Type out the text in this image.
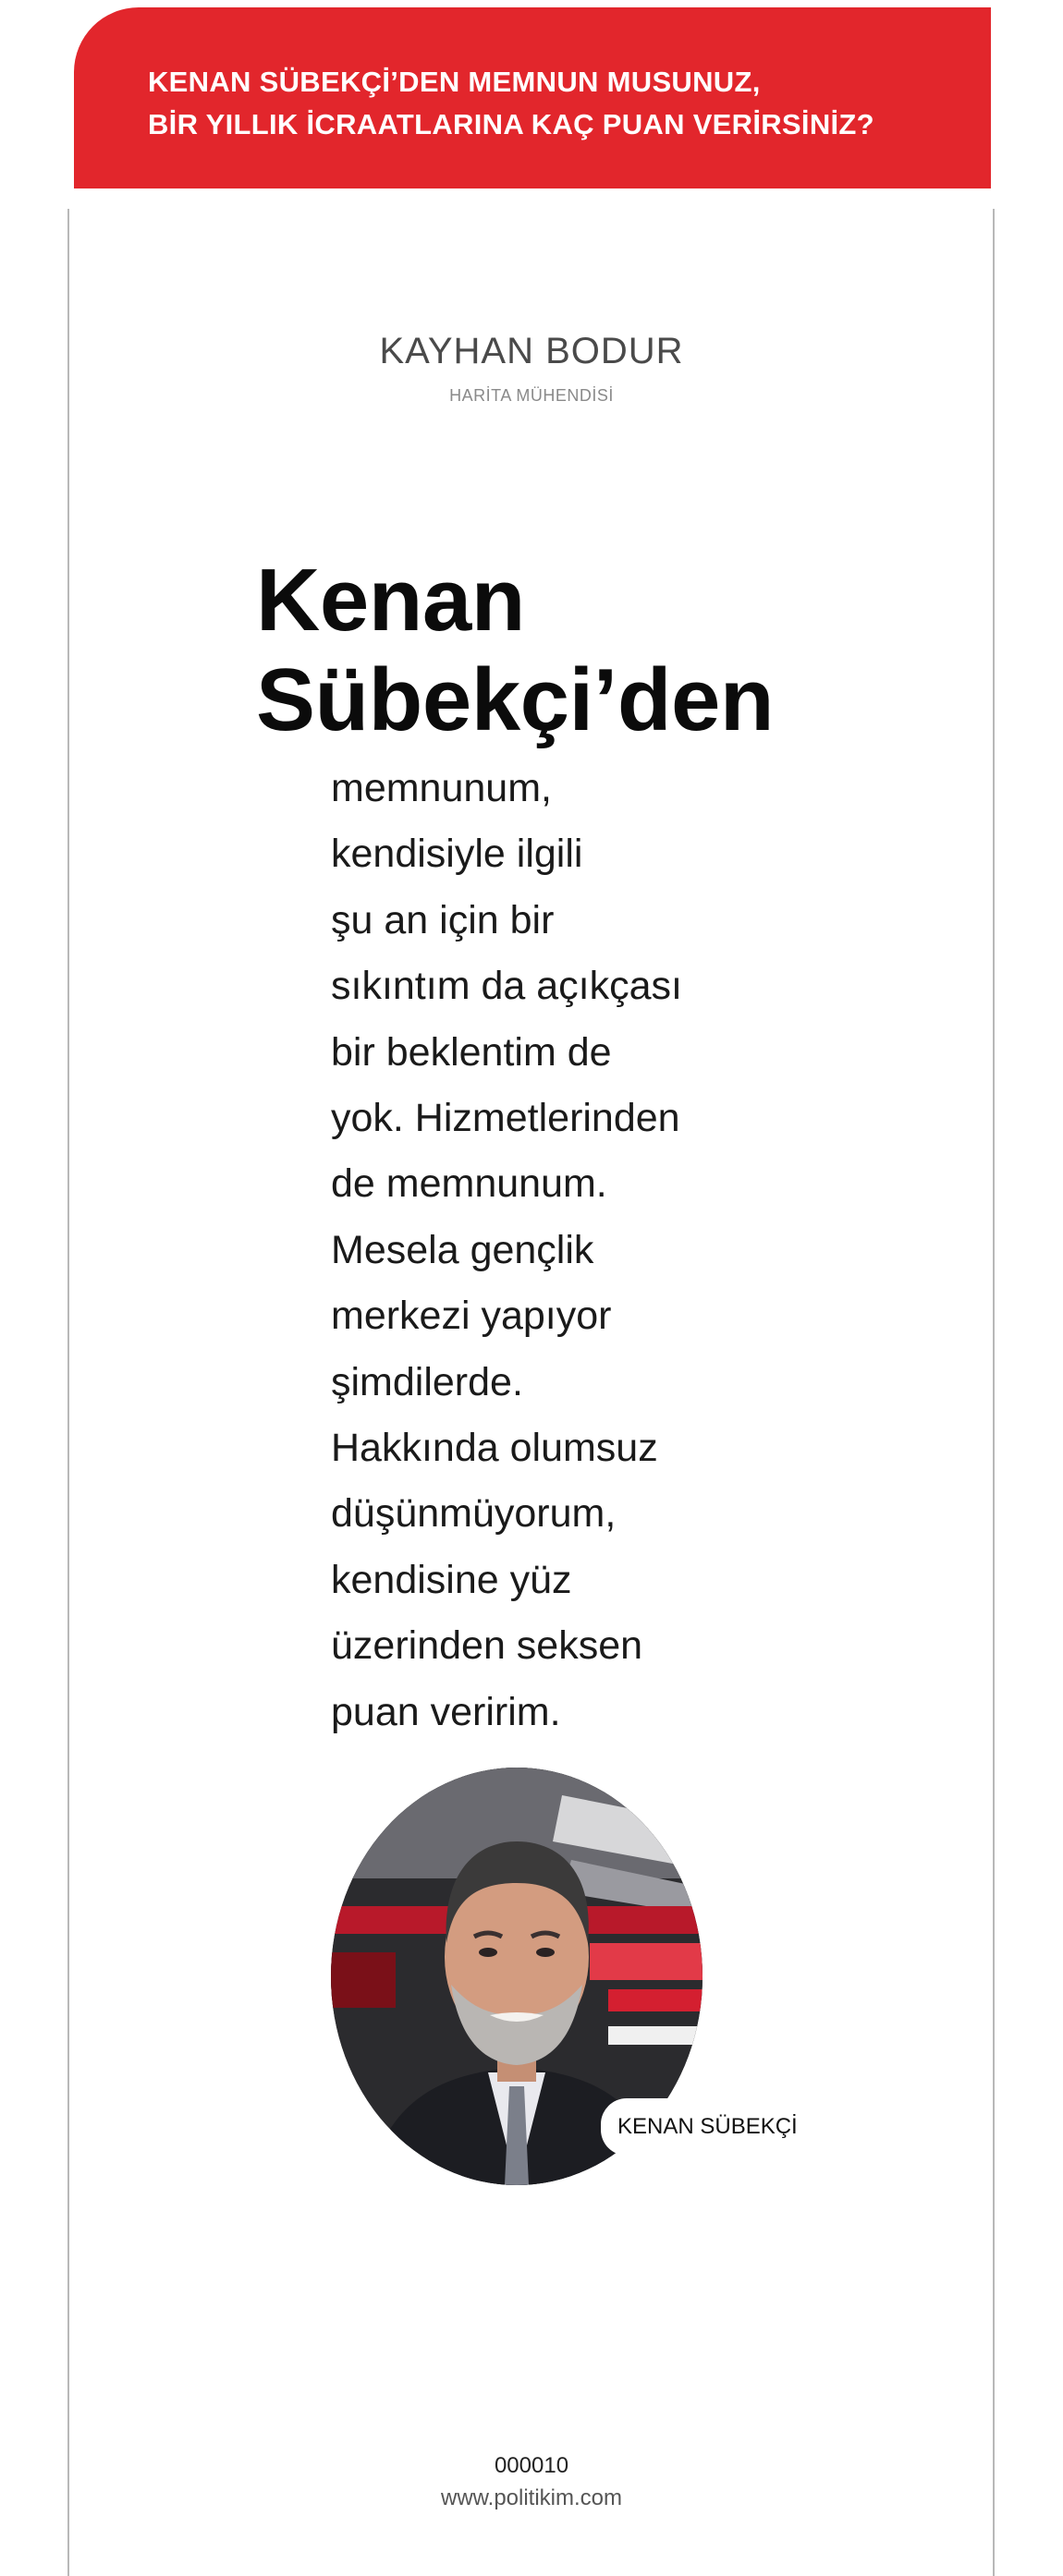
KENAN SÜBEKÇİ’DEN MEMNUN MUSUNUZ,
BİR YILLIK İCRAATLARINA KAÇ PUAN VERİRSİNİZ?
KAYHAN BODUR
HARİTA MÜHENDİSİ
Kenan
Sübekçi’den
memnunum,
kendisiyle ilgili
şu an için bir
sıkıntım da açıkçası
bir beklentim de
yok. Hizmetlerinden
de memnunum.
Mesela gençlik
merkezi yapıyor
şimdilerde.
Hakkında olumsuz
düşünmüyorum,
kendisine yüz
üzerinden seksen
puan veririm.
KENAN SÜBEKÇİ
000010
www.politikim.com
